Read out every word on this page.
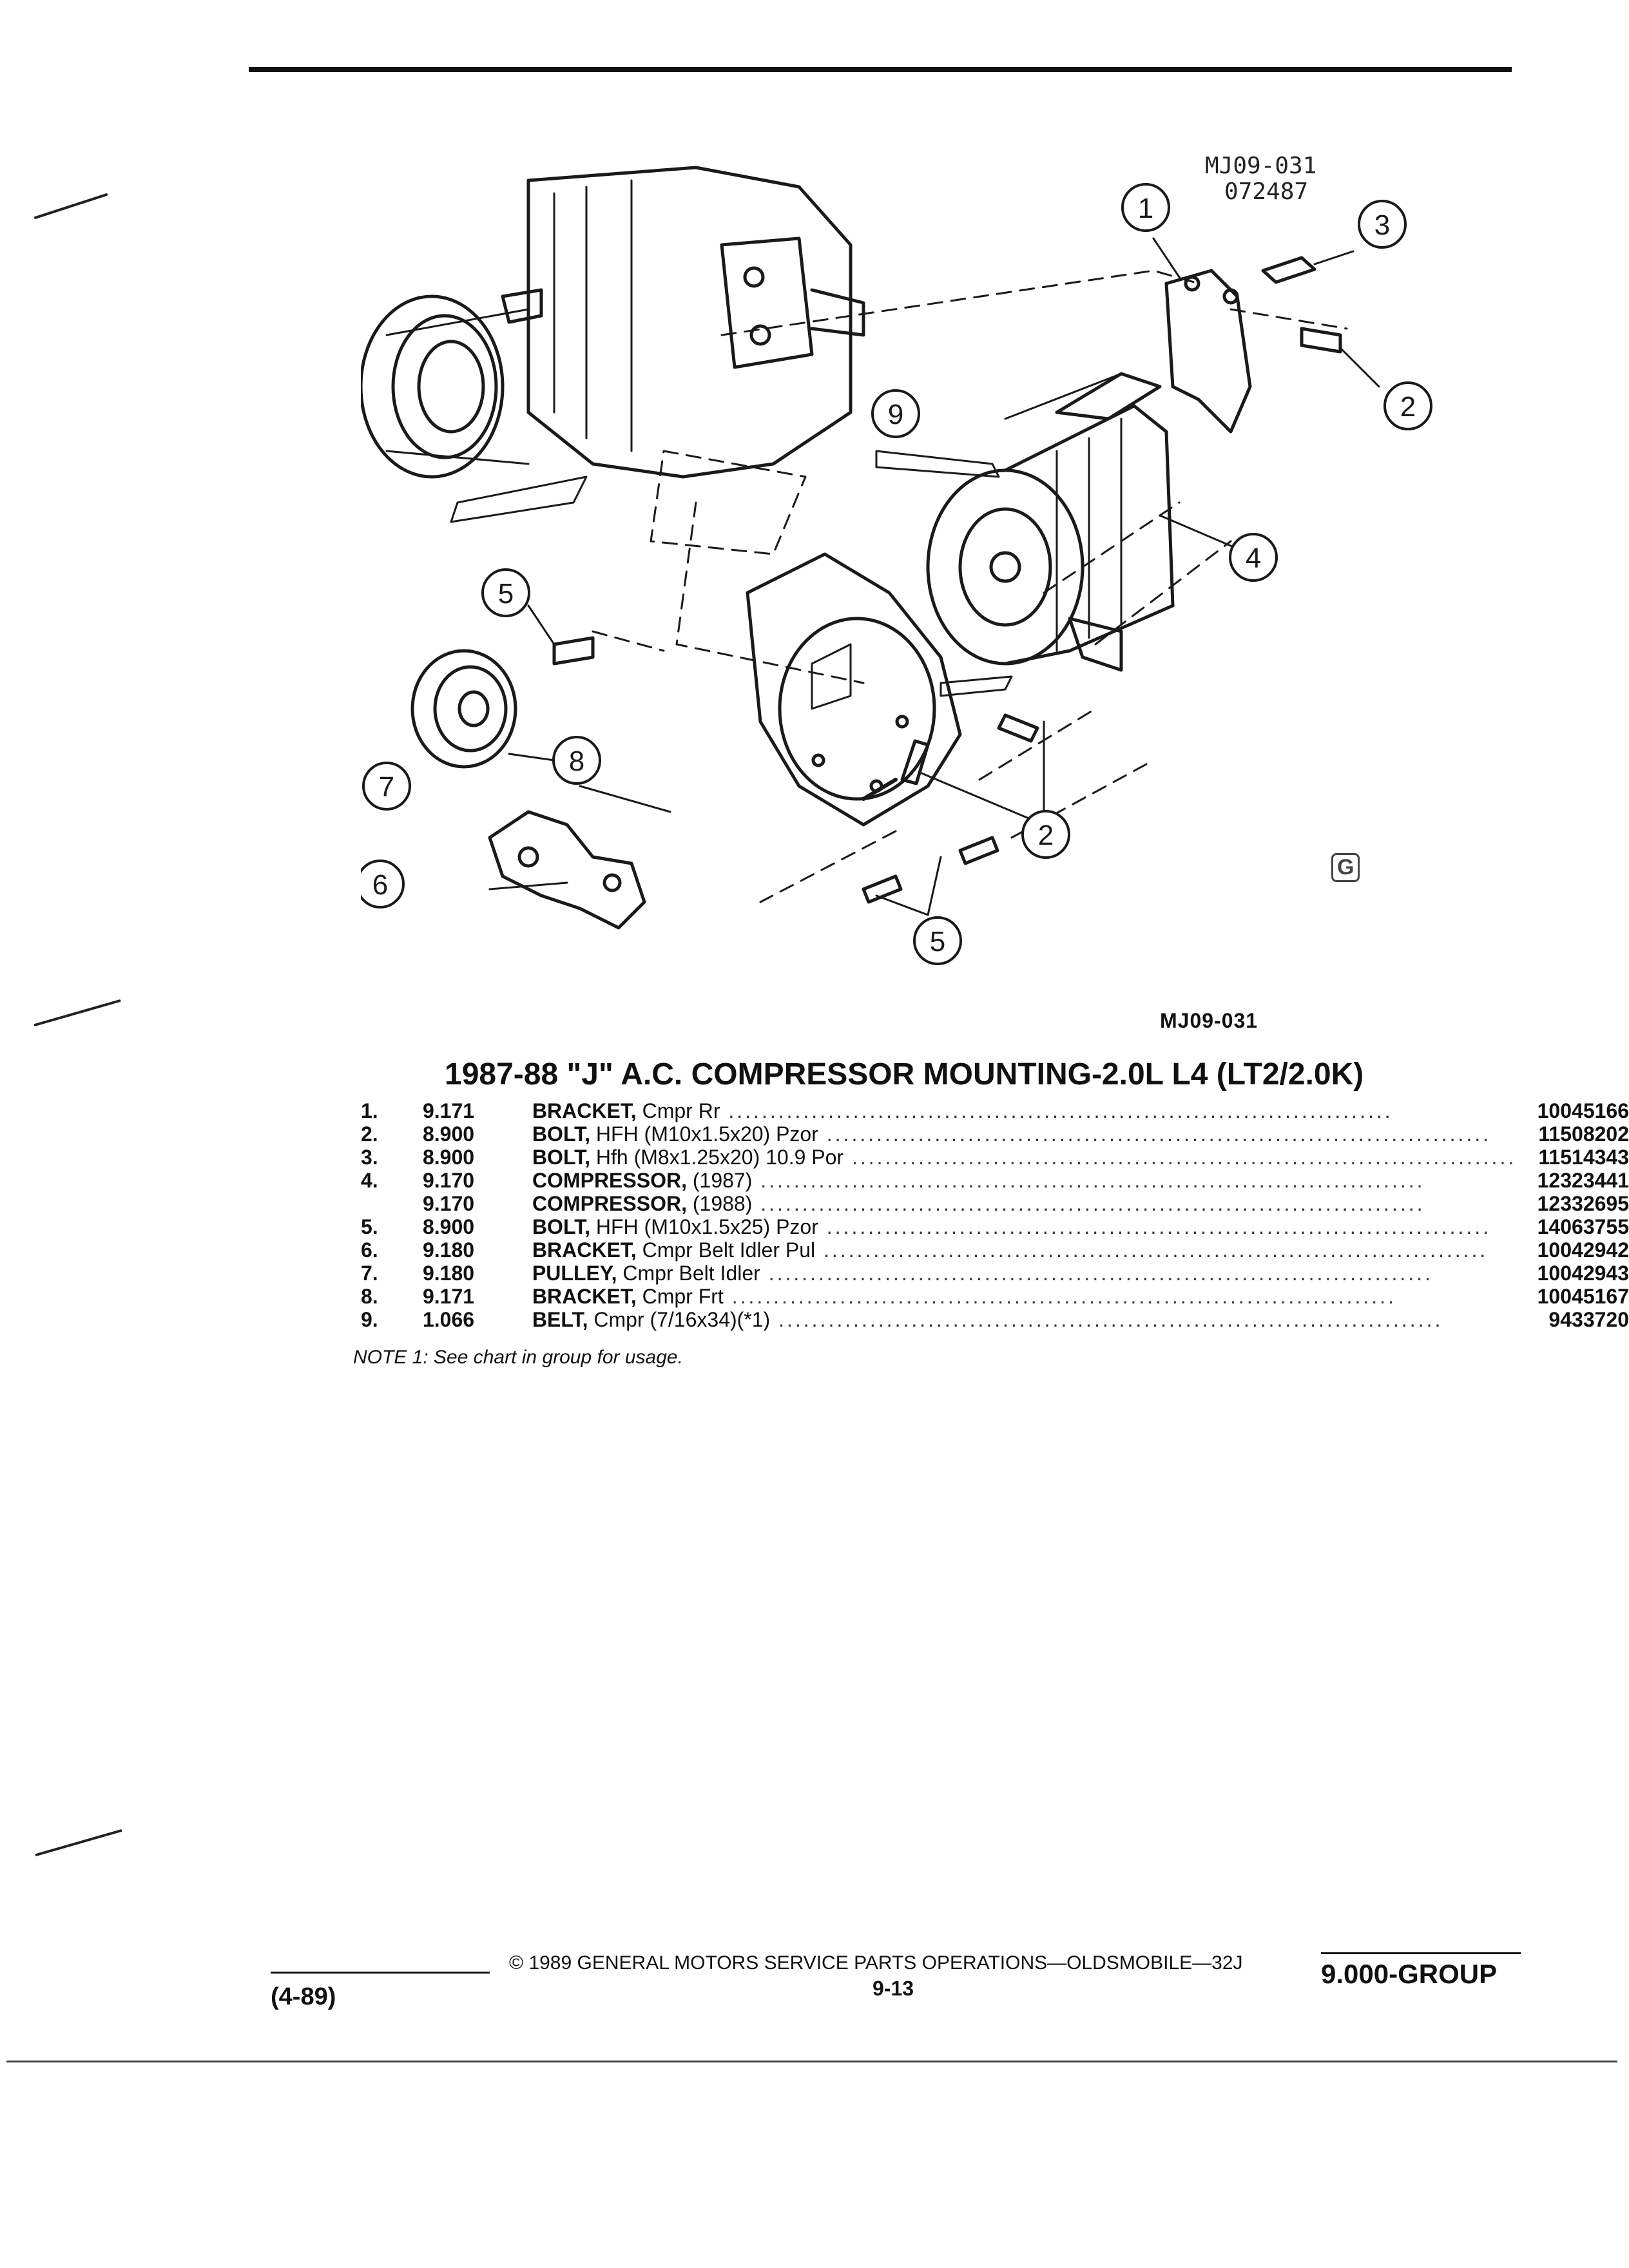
1
3
2
4
5
9
8
7
6
2
5
MJ09-031
072487
G
MJ09-031
1987-88 "J" A.C. COMPRESSOR MOUNTING-2.0L L4 (LT2/2.0K)
1.	9.171	BRACKET, Cmpr Rr ................................................................................	10045166
2.	8.900	BOLT, HFH (M10x1.5x20) Pzor ................................................................................	11508202
3.	8.900	BOLT, Hfh (M8x1.25x20) 10.9 Por ................................................................................	11514343
4.	9.170	COMPRESSOR, (1987) ................................................................................	12323441
	9.170	COMPRESSOR, (1988) ................................................................................	12332695
5.	8.900	BOLT, HFH (M10x1.5x25) Pzor ................................................................................	14063755
6.	9.180	BRACKET, Cmpr Belt Idler Pul ................................................................................	10042942
7.	9.180	PULLEY, Cmpr Belt Idler ................................................................................	10042943
8.	9.171	BRACKET, Cmpr Frt ................................................................................	10045167
9.	1.066	BELT, Cmpr (7/16x34)(*1) ................................................................................	9433720
NOTE 1: See chart in group for usage.
© 1989 GENERAL MOTORS SERVICE PARTS OPERATIONS—OLDSMOBILE—32J
9-13
(4-89)
9.000-GROUP
